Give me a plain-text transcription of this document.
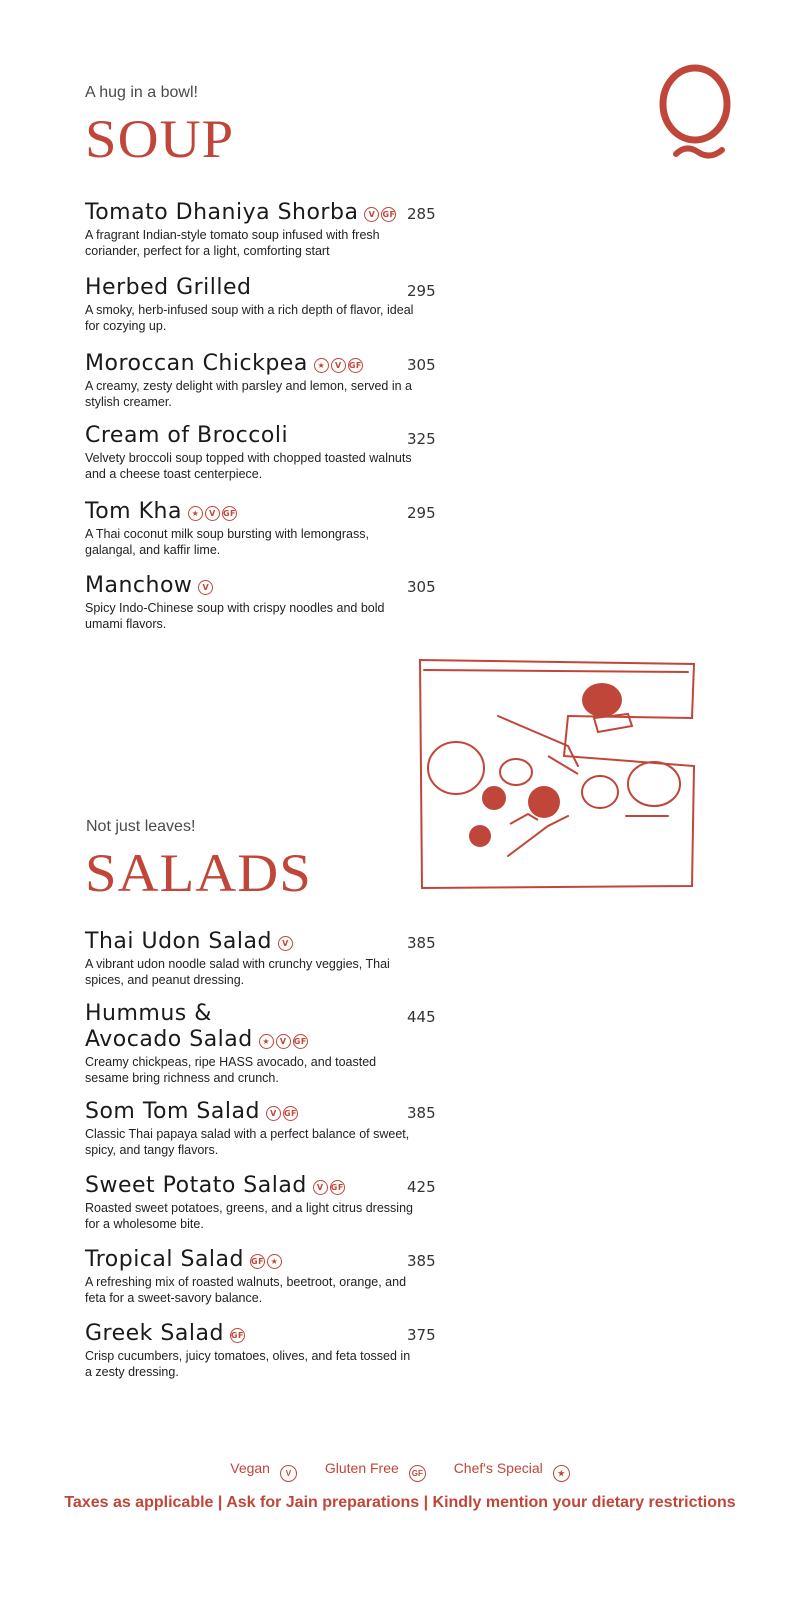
A hug in a bowl!
SOUP
Tomato Dhaniya Shorba V GF
A fragrant Indian-style tomato soup infused with fresh coriander, perfect for a light, comforting start
285
Herbed Grilled
A smoky, herb-infused soup with a rich depth of flavor, ideal for cozying up.
295
Moroccan Chickpea ★ V GF
A creamy, zesty delight with parsley and lemon, served in a stylish creamer.
305
Cream of Broccoli
Velvety broccoli soup topped with chopped toasted walnuts and a cheese toast centerpiece.
325
Tom Kha ★ V GF
A Thai coconut milk soup bursting with lemongrass, galangal, and kaffir lime.
295
Manchow V
Spicy Indo-Chinese soup with crispy noodles and bold umami flavors.
305
Not just leaves!
SALADS
Thai Udon Salad V
A vibrant udon noodle salad with crunchy veggies, Thai spices, and peanut dressing.
385
Hummus &
Avocado Salad ★ V GF
Creamy chickpeas, ripe HASS avocado, and toasted sesame bring richness and crunch.
445
Som Tom Salad V GF
Classic Thai papaya salad with a perfect balance of sweet, spicy, and tangy flavors.
385
Sweet Potato Salad V GF
Roasted sweet potatoes, greens, and a light citrus dressing for a wholesome bite.
425
Tropical Salad GF ★
A refreshing mix of roasted walnuts, beetroot, orange, and feta for a sweet-savory balance.
385
Greek Salad GF
Crisp cucumbers, juicy tomatoes, olives, and feta tossed in a zesty dressing.
375
Vegan V Gluten Free GF Chef's Special ★
Taxes as applicable | Ask for Jain preparations | Kindly mention your dietary restrictions
